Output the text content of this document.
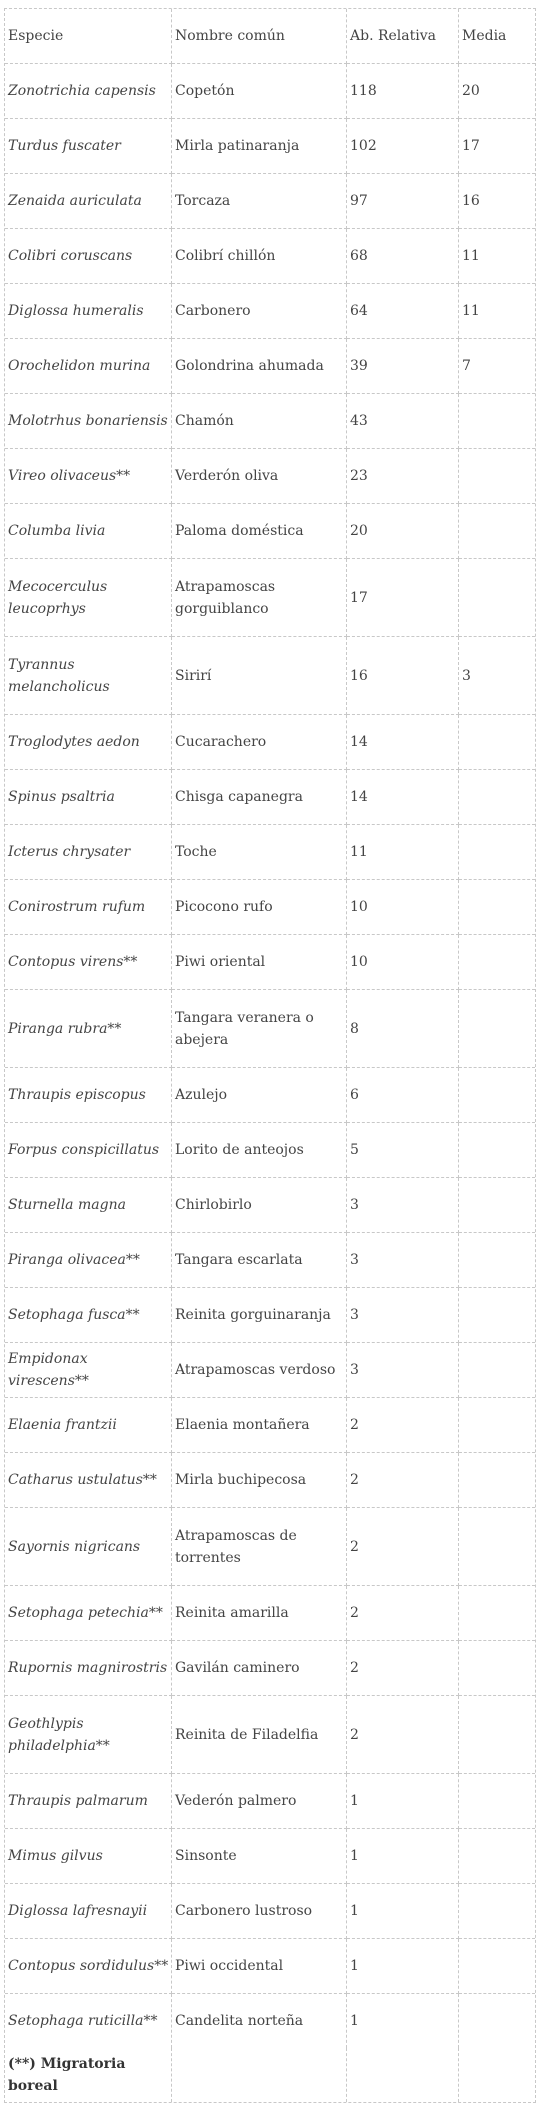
Especie	Nombre común	Ab. Relativa	Media
Zonotrichia capensis	Copetón	118	20
Turdus fuscater	Mirla patinaranja	102	17
Zenaida auriculata	Torcaza	97	16
Colibri coruscans	Colibrí chillón	68	11
Diglossa humeralis	Carbonero	64	11
Orochelidon murina	Golondrina ahumada	39	7
Molotrhus bonariensis	Chamón	43	
Vireo olivaceus**	Verderón oliva	23	
Columba livia	Paloma doméstica	20	
Mecocerculus leucoprhys	Atrapamoscas gorguiblanco	17	
Tyrannus melancholicus	Sirirí	16	3
Troglodytes aedon	Cucarachero	14	
Spinus psaltria	Chisga capanegra	14	
Icterus chrysater	Toche	11	
Conirostrum rufum	Picocono rufo	10	
Contopus virens**	Piwi oriental	10	
Piranga rubra**	Tangara veranera o abejera	8	
Thraupis episcopus	Azulejo	6	
Forpus conspicillatus	Lorito de anteojos	5	
Sturnella magna	Chirlobirlo	3	
Piranga olivacea**	Tangara escarlata	3	
Setophaga fusca**	Reinita gorguinaranja	3	
Empidonax virescens**	Atrapamoscas verdoso	3	
Elaenia frantzii	Elaenia montañera	2	
Catharus ustulatus**	Mirla buchipecosa	2	
Sayornis nigricans	Atrapamoscas de torrentes	2	
Setophaga petechia**	Reinita amarilla	2	
Rupornis magnirostris	Gavilán caminero	2	
Geothlypis philadelphia**	Reinita de Filadelfia	2	
Thraupis palmarum	Vederón palmero	1	
Mimus gilvus	Sinsonte	1	
Diglossa lafresnayii	Carbonero lustroso	1	
Contopus sordidulus**	Piwi occidental	1	
Setophaga ruticilla**	Candelita norteña	1	
(**) Migratoria boreal			
